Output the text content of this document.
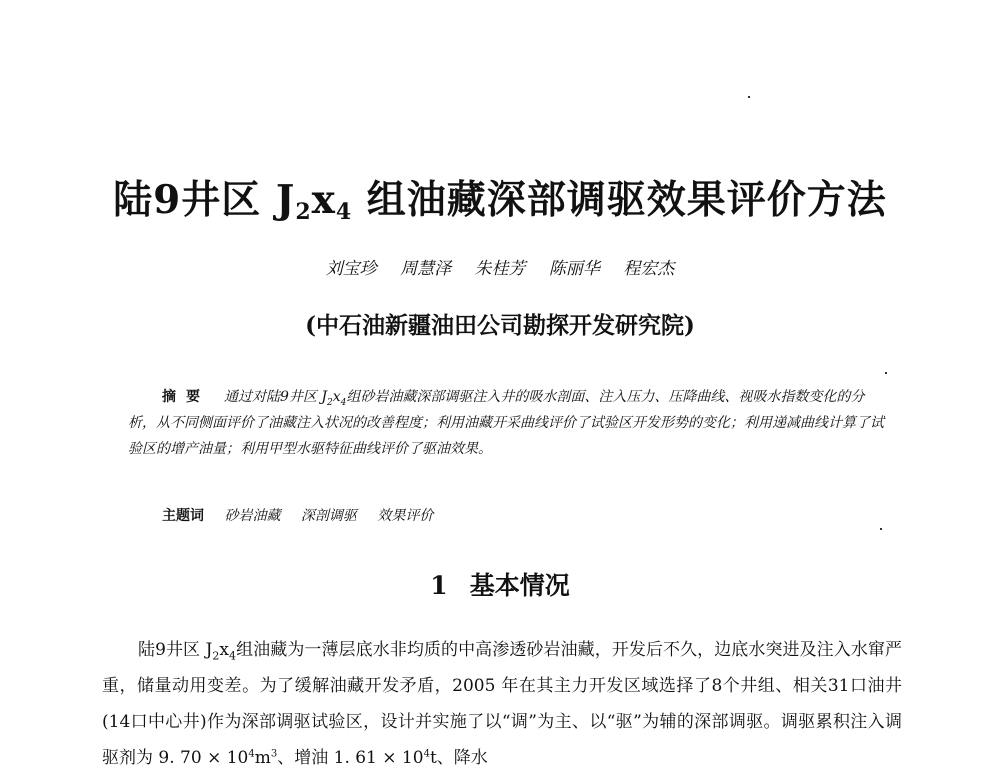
陆9井区 $J_2x_4$ 组油藏深部调驱效果评价方法
刘宝珍 周慧泽 朱桂芳 陈丽华 程宏杰
(中石油新疆油田公司勘探开发研究院)
摘要 通过对陆9井区 $J_2x_4$组砂岩油藏深部调驱注入井的吸水剖面、注入压力、压降曲线、视吸水指数变化的分析，从不同侧面评价了油藏注入状况的改善程度；利用油藏开采曲线评价了试验区开发形势的变化；利用递减曲线计算了试验区的增产油量；利用甲型水驱特征曲线评价了驱油效果。
主题词 砂岩油藏 深剖调驱 效果评价
1 基本情况
陆9井区 $J_2x_4$组油藏为一薄层底水非均质的中高渗透砂岩油藏，开发后不久，边底水突进及注入水窜严重，储量动用变差。为了缓解油藏开发矛盾，2005 年在其主力开发区域选择了8个井组、相关31口油井(14口中心井)作为深部调驱试验区，设计并实施了以“调”为主、以“驱”为辅的深部调驱。调驱累积注入调驱剂为 9. $70 \times 10^4m^3$、增油 1. $61 \times 10^4t$、降水
